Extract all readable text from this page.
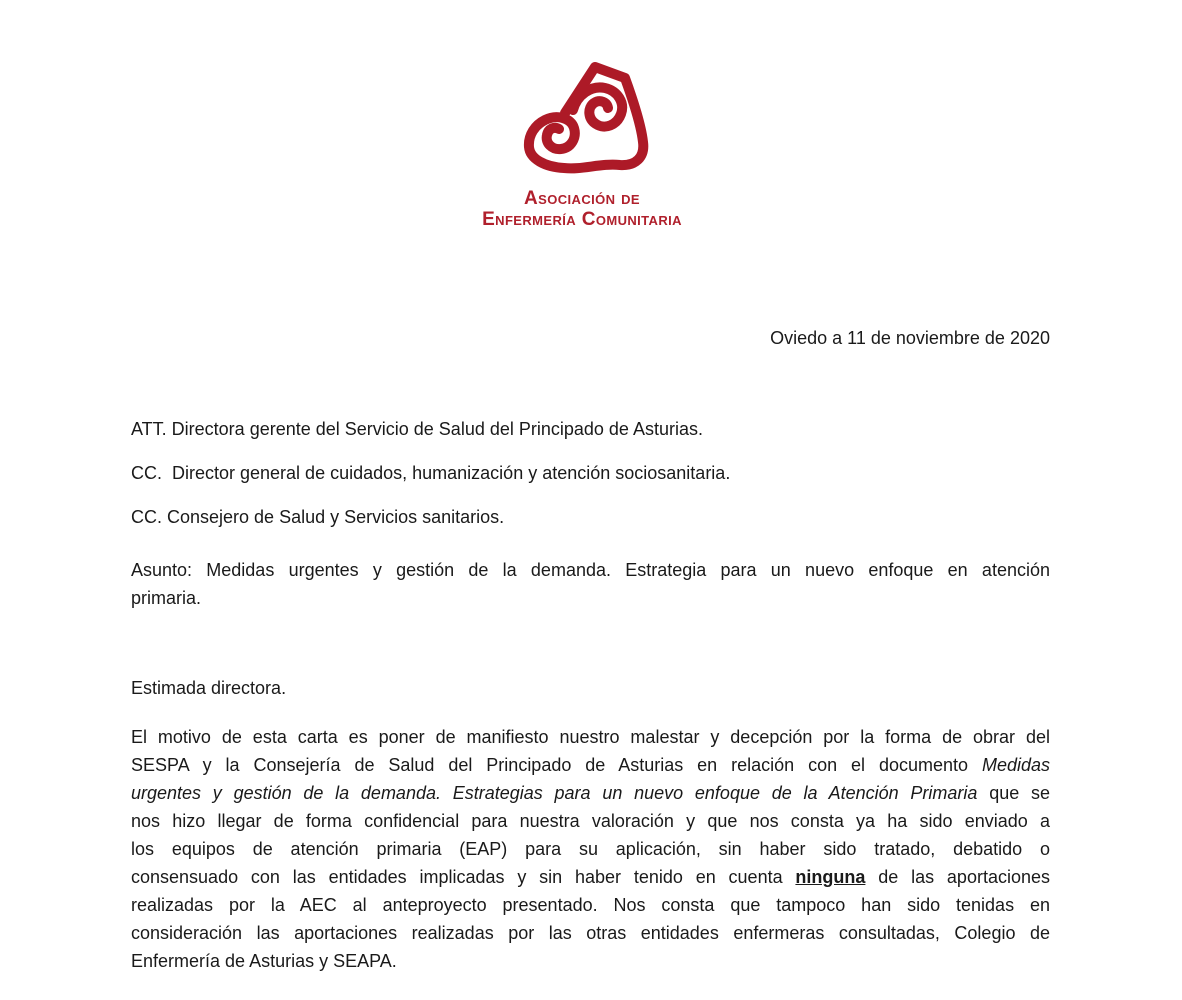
Asociación de
Enfermería Comunitaria

Oviedo a 11 de noviembre de 2020

ATT. Directora gerente del Servicio de Salud del Principado de Asturias.

CC.  Director general de cuidados, humanización y atención sociosanitaria.

CC. Consejero de Salud y Servicios sanitarios.

Asunto: Medidas urgentes y gestión de la demanda. Estrategia para un nuevo enfoque en atención
primaria.

Estimada directora.

El motivo de esta carta es poner de manifiesto nuestro malestar y decepción por la forma de obrar del
SESPA y la Consejería de Salud del Principado de Asturias en relación con el documento Medidas
urgentes y gestión de la demanda. Estrategias para un nuevo enfoque de la Atención Primaria que se
nos hizo llegar de forma confidencial para nuestra valoración y que nos consta ya ha sido enviado a
los equipos de atención primaria (EAP) para su aplicación, sin haber sido tratado, debatido o
consensuado con las entidades implicadas y sin haber tenido en cuenta ninguna de las aportaciones
realizadas por la AEC al anteproyecto presentado. Nos consta que tampoco han sido tenidas en
consideración las aportaciones realizadas por las otras entidades enfermeras consultadas, Colegio de
Enfermería de Asturias y SEAPA.
